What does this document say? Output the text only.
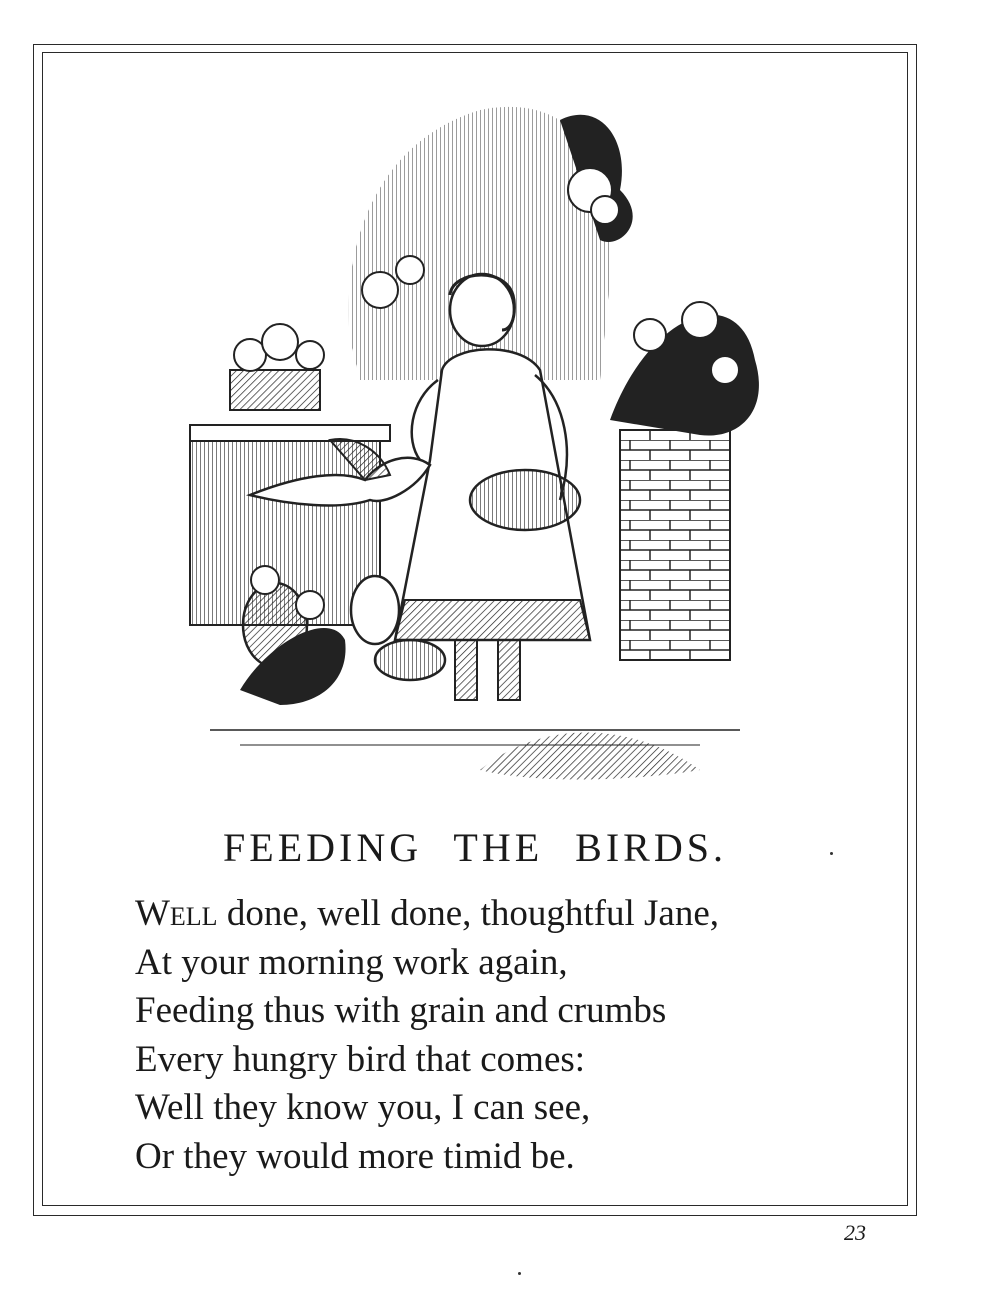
FEEDING THE BIRDS.
Well done, well done, thoughtful Jane,
At your morning work again,
Feeding thus with grain and crumbs
Every hungry bird that comes:
Well they know you, I can see,
Or they would more timid be.
23
